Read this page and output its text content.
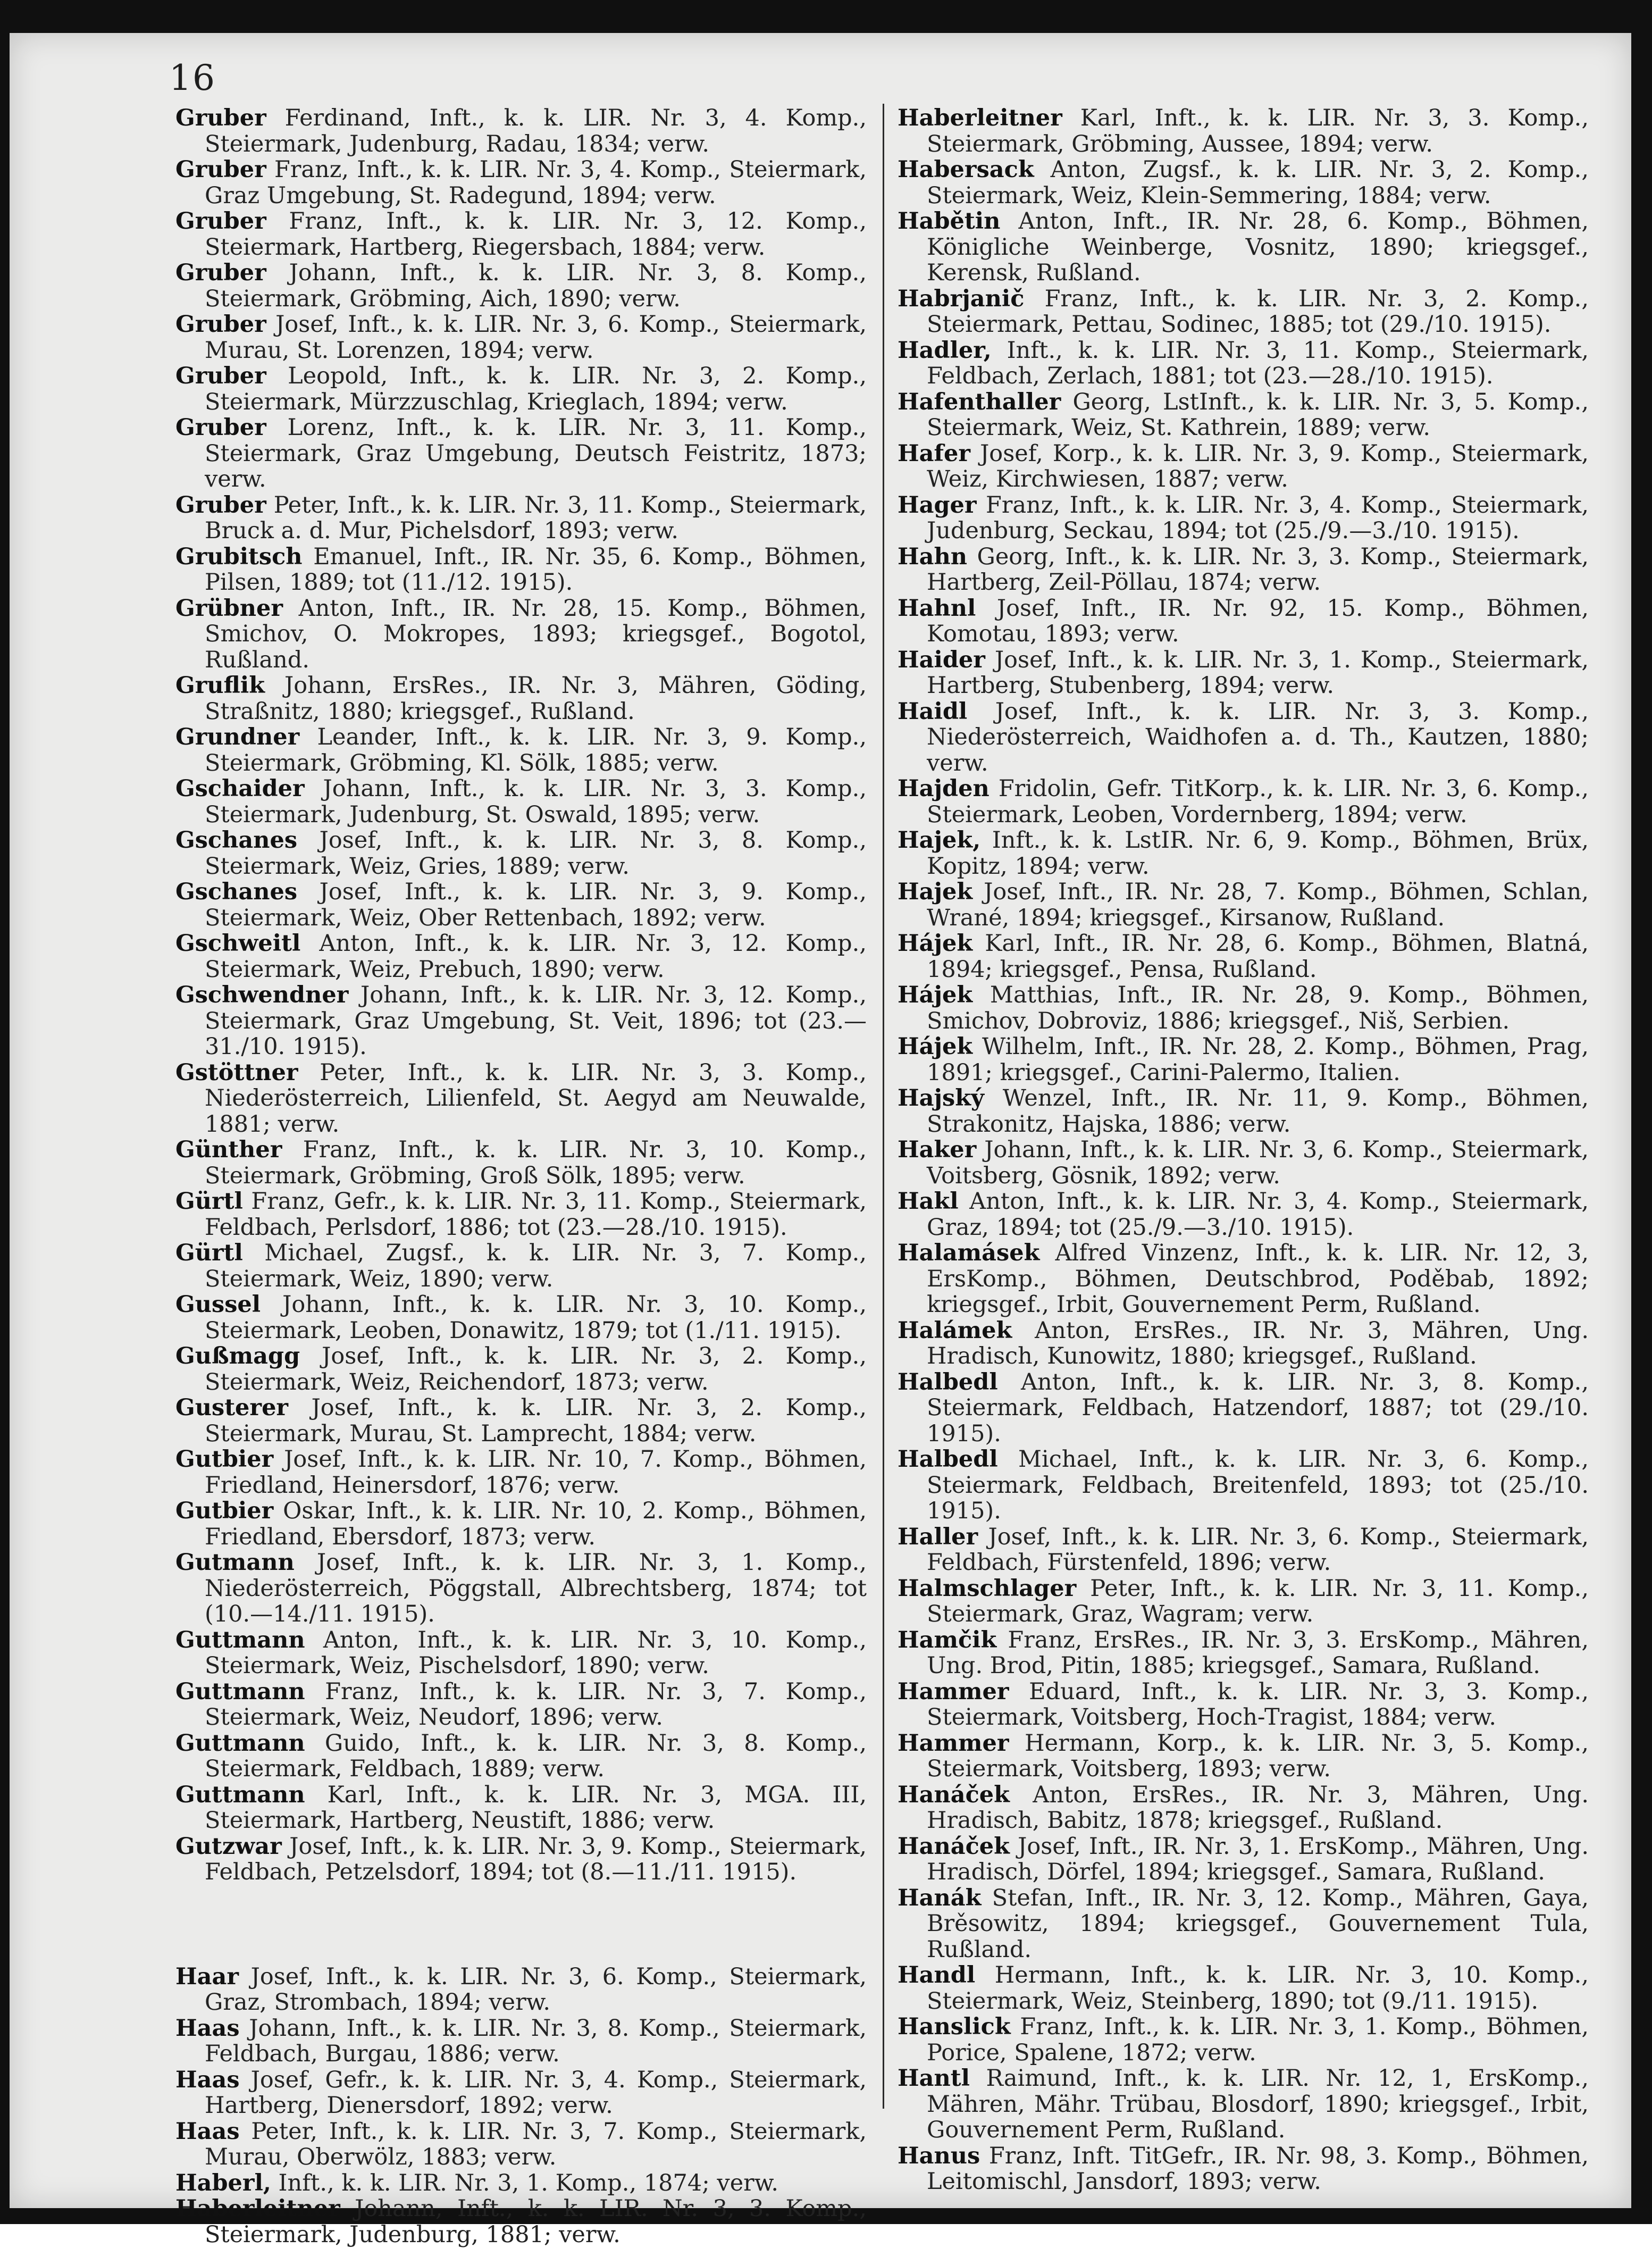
16
Gruber Ferdinand, Inft., k. k. LIR. Nr. 3, 4. Komp., Steiermark, Judenburg, Radau, 1834; verw.
Gruber Franz, Inft., k. k. LIR. Nr. 3, 4. Komp., Steiermark, Graz Umgebung, St. Radegund, 1894; verw.
Gruber Franz, Inft., k. k. LIR. Nr. 3, 12. Komp., Steiermark, Hartberg, Riegersbach, 1884; verw.
Gruber Johann, Inft., k. k. LIR. Nr. 3, 8. Komp., Steiermark, Gröbming, Aich, 1890; verw.
Gruber Josef, Inft., k. k. LIR. Nr. 3, 6. Komp., Steiermark, Murau, St. Lorenzen, 1894; verw.
Gruber Leopold, Inft., k. k. LIR. Nr. 3, 2. Komp., Steiermark, Mürzzuschlag, Krieglach, 1894; verw.
Gruber Lorenz, Inft., k. k. LIR. Nr. 3, 11. Komp., Steiermark, Graz Umgebung, Deutsch Feistritz, 1873; verw.
Gruber Peter, Inft., k. k. LIR. Nr. 3, 11. Komp., Steiermark, Bruck a. d. Mur, Pichelsdorf, 1893; verw.
Grubitsch Emanuel, Inft., IR. Nr. 35, 6. Komp., Böhmen, Pilsen, 1889; tot (11./12. 1915).
Grübner Anton, Inft., IR. Nr. 28, 15. Komp., Böhmen, Smichov, O. Mokropes, 1893; kriegsgef., Bogotol, Rußland.
Gruflik Johann, ErsRes., IR. Nr. 3, Mähren, Göding, Straßnitz, 1880; kriegsgef., Rußland.
Grundner Leander, Inft., k. k. LIR. Nr. 3, 9. Komp., Steiermark, Gröbming, Kl. Sölk, 1885; verw.
Gschaider Johann, Inft., k. k. LIR. Nr. 3, 3. Komp., Steiermark, Judenburg, St. Oswald, 1895; verw.
Gschanes Josef, Inft., k. k. LIR. Nr. 3, 8. Komp., Steiermark, Weiz, Gries, 1889; verw.
Gschanes Josef, Inft., k. k. LIR. Nr. 3, 9. Komp., Steiermark, Weiz, Ober Rettenbach, 1892; verw.
Gschweitl Anton, Inft., k. k. LIR. Nr. 3, 12. Komp., Steiermark, Weiz, Prebuch, 1890; verw.
Gschwendner Johann, Inft., k. k. LIR. Nr. 3, 12. Komp., Steiermark, Graz Umgebung, St. Veit, 1896; tot (23.—31./10. 1915).
Gstöttner Peter, Inft., k. k. LIR. Nr. 3, 3. Komp., Niederösterreich, Lilienfeld, St. Aegyd am Neuwalde, 1881; verw.
Günther Franz, Inft., k. k. LIR. Nr. 3, 10. Komp., Steiermark, Gröbming, Groß Sölk, 1895; verw.
Gürtl Franz, Gefr., k. k. LIR. Nr. 3, 11. Komp., Steiermark, Feldbach, Perlsdorf, 1886; tot (23.—28./10. 1915).
Gürtl Michael, Zugsf., k. k. LIR. Nr. 3, 7. Komp., Steiermark, Weiz, 1890; verw.
Gussel Johann, Inft., k. k. LIR. Nr. 3, 10. Komp., Steiermark, Leoben, Donawitz, 1879; tot (1./11. 1915).
Gußmagg Josef, Inft., k. k. LIR. Nr. 3, 2. Komp., Steiermark, Weiz, Reichendorf, 1873; verw.
Gusterer Josef, Inft., k. k. LIR. Nr. 3, 2. Komp., Steiermark, Murau, St. Lamprecht, 1884; verw.
Gutbier Josef, Inft., k. k. LIR. Nr. 10, 7. Komp., Böhmen, Friedland, Heinersdorf, 1876; verw.
Gutbier Oskar, Inft., k. k. LIR. Nr. 10, 2. Komp., Böhmen, Friedland, Ebersdorf, 1873; verw.
Gutmann Josef, Inft., k. k. LIR. Nr. 3, 1. Komp., Niederösterreich, Pöggstall, Albrechtsberg, 1874; tot (10.—14./11. 1915).
Guttmann Anton, Inft., k. k. LIR. Nr. 3, 10. Komp., Steiermark, Weiz, Pischelsdorf, 1890; verw.
Guttmann Franz, Inft., k. k. LIR. Nr. 3, 7. Komp., Steiermark, Weiz, Neudorf, 1896; verw.
Guttmann Guido, Inft., k. k. LIR. Nr. 3, 8. Komp., Steiermark, Feldbach, 1889; verw.
Guttmann Karl, Inft., k. k. LIR. Nr. 3, MGA. III, Steiermark, Hartberg, Neustift, 1886; verw.
Gutzwar Josef, Inft., k. k. LIR. Nr. 3, 9. Komp., Steiermark, Feldbach, Petzelsdorf, 1894; tot (8.—11./11. 1915).
Haar Josef, Inft., k. k. LIR. Nr. 3, 6. Komp., Steiermark, Graz, Strombach, 1894; verw.
Haas Johann, Inft., k. k. LIR. Nr. 3, 8. Komp., Steiermark, Feldbach, Burgau, 1886; verw.
Haas Josef, Gefr., k. k. LIR. Nr. 3, 4. Komp., Steiermark, Hartberg, Dienersdorf, 1892; verw.
Haas Peter, Inft., k. k. LIR. Nr. 3, 7. Komp., Steiermark, Murau, Oberwölz, 1883; verw.
Haberl, Inft., k. k. LIR. Nr. 3, 1. Komp., 1874; verw.
Haberleitner Johann, Inft., k. k. LIR. Nr. 3, 3. Komp., Steiermark, Judenburg, 1881; verw.
Haberleitner Karl, Inft., k. k. LIR. Nr. 3, 3. Komp., Steiermark, Gröbming, Aussee, 1894; verw.
Habersack Anton, Zugsf., k. k. LIR. Nr. 3, 2. Komp., Steiermark, Weiz, Klein-Semmering, 1884; verw.
Habětin Anton, Inft., IR. Nr. 28, 6. Komp., Böhmen, Königliche Weinberge, Vosnitz, 1890; kriegsgef., Kerensk, Rußland.
Habrjanič Franz, Inft., k. k. LIR. Nr. 3, 2. Komp., Steiermark, Pettau, Sodinec, 1885; tot (29./10. 1915).
Hadler, Inft., k. k. LIR. Nr. 3, 11. Komp., Steiermark, Feldbach, Zerlach, 1881; tot (23.—28./10. 1915).
Hafenthaller Georg, LstInft., k. k. LIR. Nr. 3, 5. Komp., Steiermark, Weiz, St. Kathrein, 1889; verw.
Hafer Josef, Korp., k. k. LIR. Nr. 3, 9. Komp., Steiermark, Weiz, Kirchwiesen, 1887; verw.
Hager Franz, Inft., k. k. LIR. Nr. 3, 4. Komp., Steiermark, Judenburg, Seckau, 1894; tot (25./9.—3./10. 1915).
Hahn Georg, Inft., k. k. LIR. Nr. 3, 3. Komp., Steiermark, Hartberg, Zeil-Pöllau, 1874; verw.
Hahnl Josef, Inft., IR. Nr. 92, 15. Komp., Böhmen, Komotau, 1893; verw.
Haider Josef, Inft., k. k. LIR. Nr. 3, 1. Komp., Steiermark, Hartberg, Stubenberg, 1894; verw.
Haidl Josef, Inft., k. k. LIR. Nr. 3, 3. Komp., Niederösterreich, Waidhofen a. d. Th., Kautzen, 1880; verw.
Hajden Fridolin, Gefr. TitKorp., k. k. LIR. Nr. 3, 6. Komp., Steiermark, Leoben, Vordernberg, 1894; verw.
Hajek, Inft., k. k. LstIR. Nr. 6, 9. Komp., Böhmen, Brüx, Kopitz, 1894; verw.
Hajek Josef, Inft., IR. Nr. 28, 7. Komp., Böhmen, Schlan, Wrané, 1894; kriegsgef., Kirsanow, Rußland.
Hájek Karl, Inft., IR. Nr. 28, 6. Komp., Böhmen, Blatná, 1894; kriegsgef., Pensa, Rußland.
Hájek Matthias, Inft., IR. Nr. 28, 9. Komp., Böhmen, Smichov, Dobroviz, 1886; kriegsgef., Niš, Serbien.
Hájek Wilhelm, Inft., IR. Nr. 28, 2. Komp., Böhmen, Prag, 1891; kriegsgef., Carini-Palermo, Italien.
Hajský Wenzel, Inft., IR. Nr. 11, 9. Komp., Böhmen, Strakonitz, Hajska, 1886; verw.
Haker Johann, Inft., k. k. LIR. Nr. 3, 6. Komp., Steiermark, Voitsberg, Gösnik, 1892; verw.
Hakl Anton, Inft., k. k. LIR. Nr. 3, 4. Komp., Steiermark, Graz, 1894; tot (25./9.—3./10. 1915).
Halamásek Alfred Vinzenz, Inft., k. k. LIR. Nr. 12, 3, ErsKomp., Böhmen, Deutschbrod, Poděbab, 1892; kriegsgef., Irbit, Gouvernement Perm, Rußland.
Halámek Anton, ErsRes., IR. Nr. 3, Mähren, Ung. Hradisch, Kunowitz, 1880; kriegsgef., Rußland.
Halbedl Anton, Inft., k. k. LIR. Nr. 3, 8. Komp., Steiermark, Feldbach, Hatzendorf, 1887; tot (29./10. 1915).
Halbedl Michael, Inft., k. k. LIR. Nr. 3, 6. Komp., Steiermark, Feldbach, Breitenfeld, 1893; tot (25./10. 1915).
Haller Josef, Inft., k. k. LIR. Nr. 3, 6. Komp., Steiermark, Feldbach, Fürstenfeld, 1896; verw.
Halmschlager Peter, Inft., k. k. LIR. Nr. 3, 11. Komp., Steiermark, Graz, Wagram; verw.
Hamčik Franz, ErsRes., IR. Nr. 3, 3. ErsKomp., Mähren, Ung. Brod, Pitin, 1885; kriegsgef., Samara, Rußland.
Hammer Eduard, Inft., k. k. LIR. Nr. 3, 3. Komp., Steiermark, Voitsberg, Hoch-Tragist, 1884; verw.
Hammer Hermann, Korp., k. k. LIR. Nr. 3, 5. Komp., Steiermark, Voitsberg, 1893; verw.
Hanáček Anton, ErsRes., IR. Nr. 3, Mähren, Ung. Hradisch, Babitz, 1878; kriegsgef., Rußland.
Hanáček Josef, Inft., IR. Nr. 3, 1. ErsKomp., Mähren, Ung. Hradisch, Dörfel, 1894; kriegsgef., Samara, Rußland.
Hanák Stefan, Inft., IR. Nr. 3, 12. Komp., Mähren, Gaya, Brěsowitz, 1894; kriegsgef., Gouvernement Tula, Rußland.
Handl Hermann, Inft., k. k. LIR. Nr. 3, 10. Komp., Steiermark, Weiz, Steinberg, 1890; tot (9./11. 1915).
Hanslick Franz, Inft., k. k. LIR. Nr. 3, 1. Komp., Böhmen, Porice, Spalene, 1872; verw.
Hantl Raimund, Inft., k. k. LIR. Nr. 12, 1, ErsKomp., Mähren, Mähr. Trübau, Blosdorf, 1890; kriegsgef., Irbit, Gouvernement Perm, Rußland.
Hanus Franz, Inft. TitGefr., IR. Nr. 98, 3. Komp., Böhmen, Leitomischl, Jansdorf, 1893; verw.
